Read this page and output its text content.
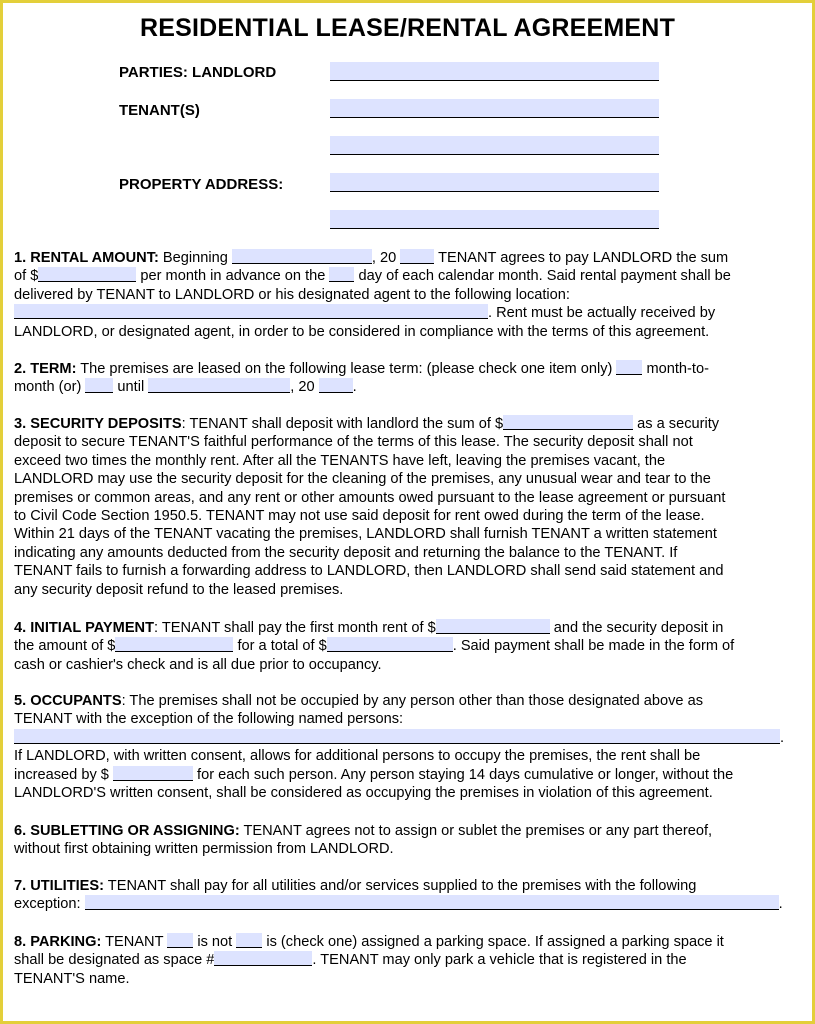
RESIDENTIAL LEASE/RENTAL AGREEMENT
PARTIES: LANDLORD
TENANT(S)
PROPERTY ADDRESS:
1. RENTAL AMOUNT: Beginning	, 20	TENANT agrees to pay LANDLORD the sum
of $	per month in advance on the  day of each calendar month. Said rental payment shall be
delivered by TENANT to LANDLORD or his designated agent to the following location:
. Rent must be actually received by
LANDLORD, or designated agent, in order to be considered in compliance with the terms of this agreement.
2. TERM: The premises are leased on the following lease term: (please check one item only)  month-to-
month (or)  until	, 20 .
3. SECURITY DEPOSITS: TENANT shall deposit with landlord the sum of $	as a security
deposit to secure TENANT'S faithful performance of the terms of this lease. The security deposit shall not
exceed two times the monthly rent. After all the TENANTS have left, leaving the premises vacant, the
LANDLORD may use the security deposit for the cleaning of the premises, any unusual wear and tear to the
premises or common areas, and any rent or other amounts owed pursuant to the lease agreement or pursuant
to Civil Code Section 1950.5. TENANT may not use said deposit for rent owed during the term of the lease.
Within 21 days of the TENANT vacating the premises, LANDLORD shall furnish TENANT a written statement
indicating any amounts deducted from the security deposit and returning the balance to the TENANT. If
TENANT fails to furnish a forwarding address to LANDLORD, then LANDLORD shall send said statement and
any security deposit refund to the leased premises.
4. INITIAL PAYMENT: TENANT shall pay the first month rent of $	and the security deposit in
the amount of $	for a total of $	. Said payment shall be made in the form of
cash or cashier's check and is all due prior to occupancy.
5. OCCUPANTS: The premises shall not be occupied by any person other than those designated above as
TENANT with the exception of the following named persons:
.
If LANDLORD, with written consent, allows for additional persons to occupy the premises, the rent shall be
increased by $	for each such person. Any person staying 14 days cumulative or longer, without the
LANDLORD'S written consent, shall be considered as occupying the premises in violation of this agreement.
6. SUBLETTING OR ASSIGNING: TENANT agrees not to assign or sublet the premises or any part thereof,
without first obtaining written permission from LANDLORD.
7. UTILITIES: TENANT shall pay for all utilities and/or services supplied to the premises with the following
exception:	.
8. PARKING: TENANT  is not  is (check one) assigned a parking space. If assigned a parking space it
shall be designated as space #	. TENANT may only park a vehicle that is registered in the
TENANT'S name.
